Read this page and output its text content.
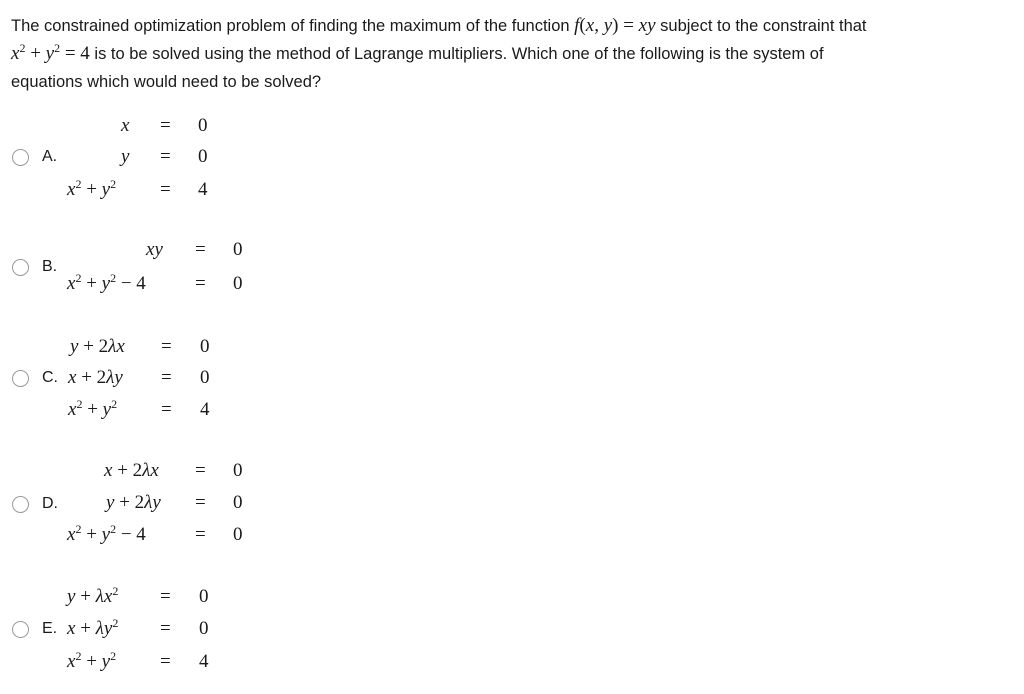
The constrained optimization problem of finding the maximum of the function f(x, y) = xy subject to the constraint that
$x^2 + y^2 = 4$ is to be solved using the method of Lagrange multipliers. Which one of the following is the system of
equations which would need to be solved?
A.
x = 0
y = 0
$x^2 + y^2 = 4$
B.
xy = 0
$x^2 + y^2 - 4$	= 0
C.
y + 2λx = 0
x + 2λy = 0
$x^2 + y^2 = 4$
D.
x + 2λx = 0
y + 2λy = 0
$x^2 + y^2 - 4$	= 0
E.
$y + \lambda x^2 = 0$
$x + \lambda y^2 = 0$
$x^2 + y^2 = 4$
